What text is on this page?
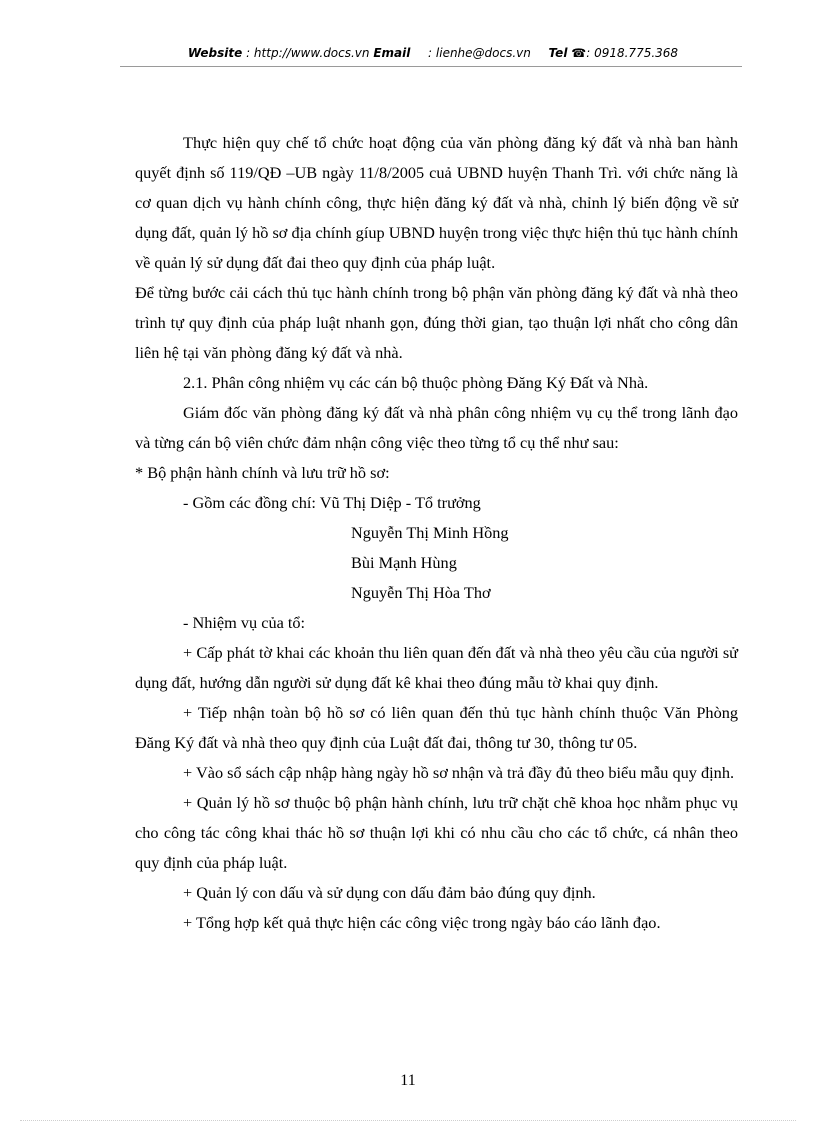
Website : http://www.docs.vn Email : lienhe@docs.vn Tel ☎: 0918.775.368

Thực hiện quy chế tổ chức hoạt động của văn phòng đăng ký đất và nhà ban hành quyết định số 119/QĐ –UB ngày 11/8/2005 cuả UBND huyện Thanh Trì. với chức năng là cơ quan dịch vụ hành chính công, thực hiện đăng ký đất và nhà, chỉnh lý biến động về sử dụng đất, quản lý hồ sơ địa chính gíup UBND huyện trong việc thực hiện thủ tục hành chính về quản lý sử dụng đất đai theo quy định của pháp luật.

Để từng bước cải cách thủ tục hành chính trong bộ phận văn phòng đăng ký đất và nhà theo trình tự quy định của pháp luật nhanh gọn, đúng thời gian, tạo thuận lợi nhất cho công dân liên hệ tại văn phòng đăng ký đất và nhà.

2.1. Phân công nhiệm vụ các cán bộ thuộc phòng Đăng Ký Đất và Nhà.

Giám đốc văn phòng đăng ký đất và nhà phân công nhiệm vụ cụ thể trong lãnh đạo và từng cán bộ viên chức đảm nhận công việc theo từng tổ cụ thể như sau:

* Bộ phận hành chính và lưu trữ hồ sơ:

- Gồm các đồng chí: Vũ Thị Diệp - Tổ trưởng

Nguyễn Thị Minh Hồng

Bùi Mạnh Hùng

Nguyễn Thị Hòa Thơ

- Nhiệm vụ của tổ:

+ Cấp phát tờ khai các khoản thu liên quan đến đất và nhà theo yêu cầu của người sử dụng đất, hướng dẫn người sử dụng đất kê khai theo đúng mẫu tờ khai quy định.

+ Tiếp nhận toàn bộ hồ sơ có liên quan đến thủ tục hành chính thuộc Văn Phòng Đăng Ký đất và nhà theo quy định của Luật đất đai, thông tư 30, thông tư 05.

+ Vào sổ sách cập nhập hàng ngày hồ sơ nhận và trả đầy đủ theo biểu mẫu quy định.

+ Quản lý hồ sơ thuộc bộ phận hành chính, lưu trữ chặt chẽ khoa học nhằm phục vụ cho công tác công khai thác hồ sơ thuận lợi khi có nhu cầu cho các tổ chức, cá nhân theo quy định của pháp luật.

+ Quản lý con dấu và sử dụng con dấu đảm bảo đúng quy định.

+ Tổng hợp kết quả thực hiện các công việc trong ngày báo cáo lãnh đạo.

11
